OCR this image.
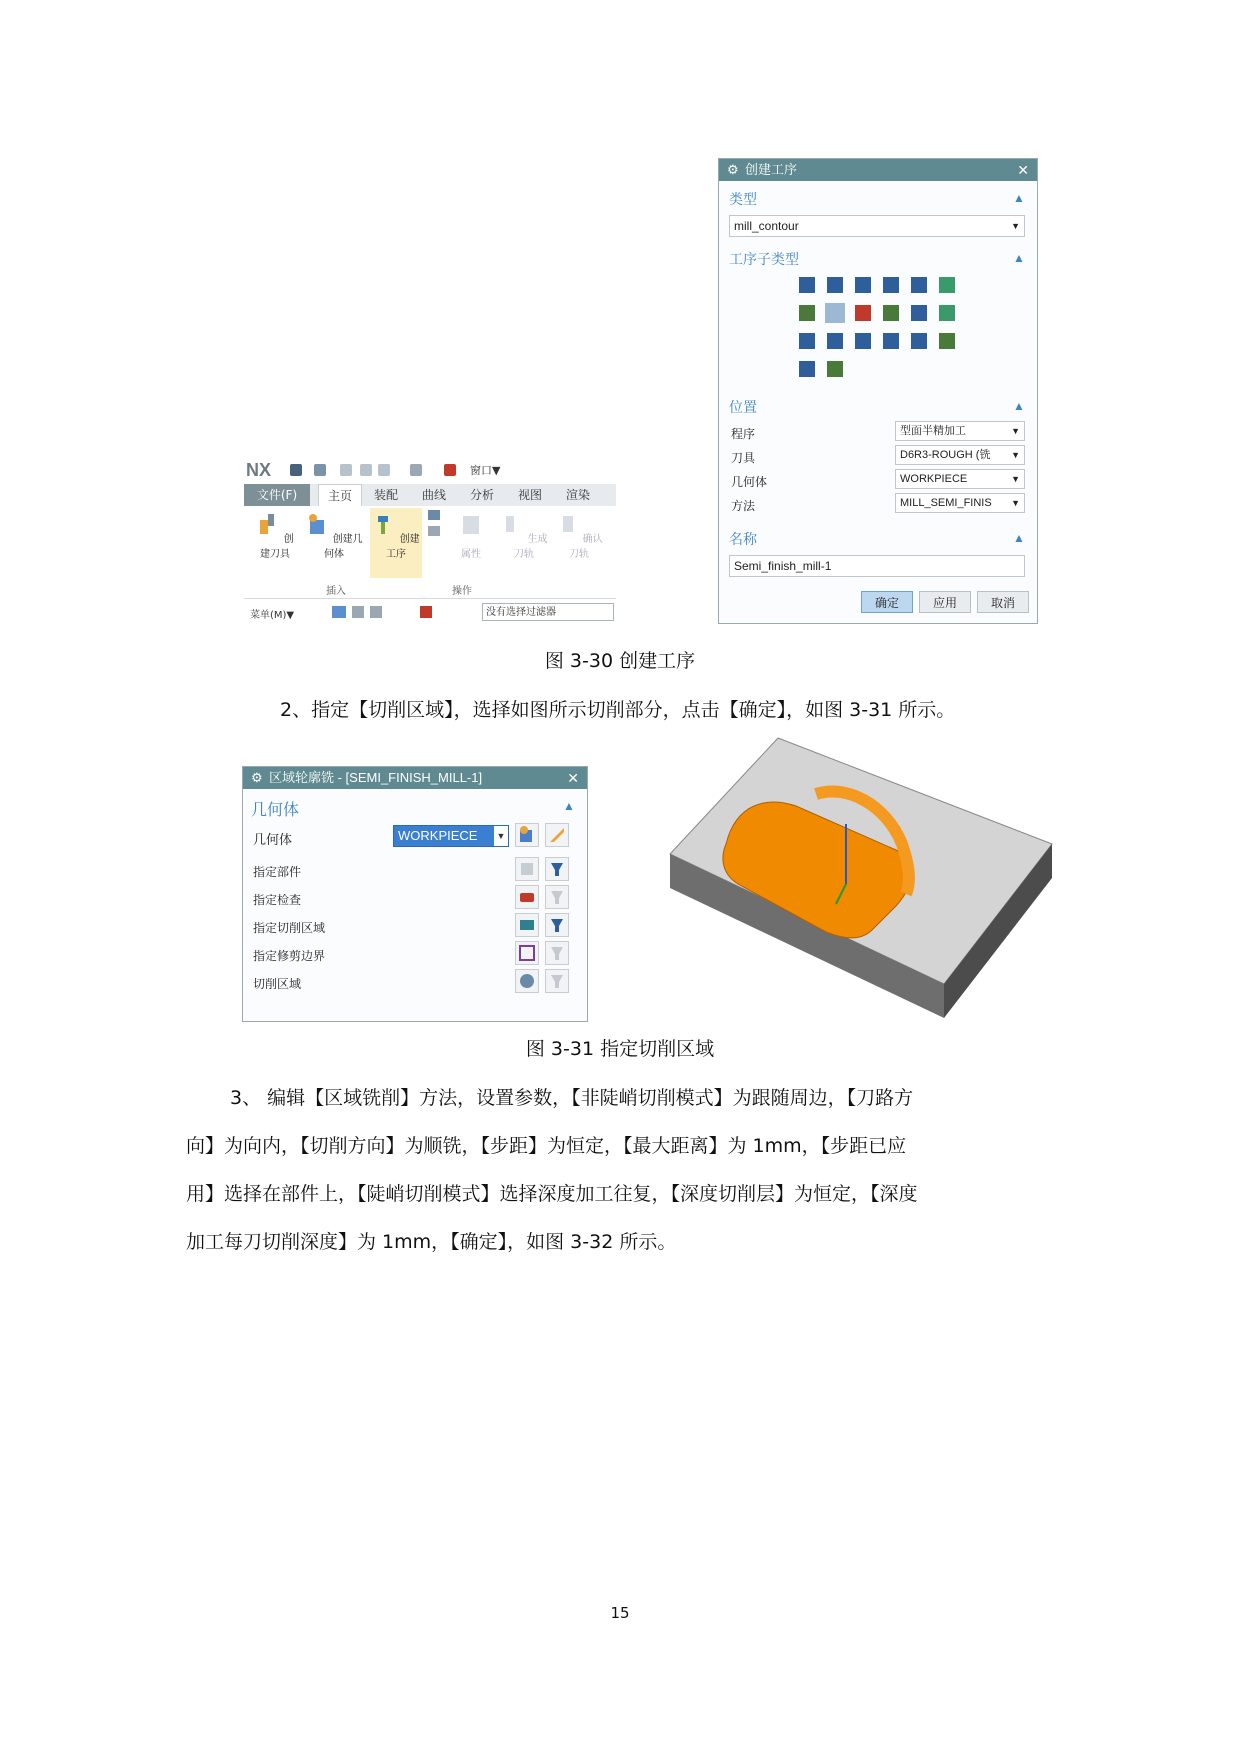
NX	窗口▼
文件(F)	主页	装配	曲线	分析	视图	渲染
创建刀具
创建几何体
创建工序	属性
生成刀轨
确认刀轨
插入	操作
菜单(M)▼	没有选择过滤器
⚙ 创建工序	✕
类型	▲
mill_contour	▼
工序子类型	▲
位置	▲
程序	型面半精加工	▼
刀具	D6R3-ROUGH (铣 ▼
几何体	WORKPIECE	▼
方法	MILL_SEMI_FINIS ▼
名称	▲
Semi_finish_mill-1
确定	应用	取消
图 3-30 创建工序
2、指定【切削区域】，选择如图所示切削部分，点击【确定】，如图 3-31 所示。
⚙ 区域轮廓铣 - [SEMI_FINISH_MILL-1]	✕
几何体	▲
几何体	WORKPIECE ▼
指定部件
指定检查
指定切削区域
指定修剪边界
切削区域
图 3-31 指定切削区域
3、 编辑【区域铣削】方法，设置参数，【非陡峭切削模式】为跟随周边，【刀路方
向】为向内，【切削方向】为顺铣，【步距】为恒定，【最大距离】为 1mm，【步距已应
用】选择在部件上，【陡峭切削模式】选择深度加工往复，【深度切削层】为恒定，【深度
加工每刀切削深度】为 1mm，【确定】，如图 3-32 所示。
15
